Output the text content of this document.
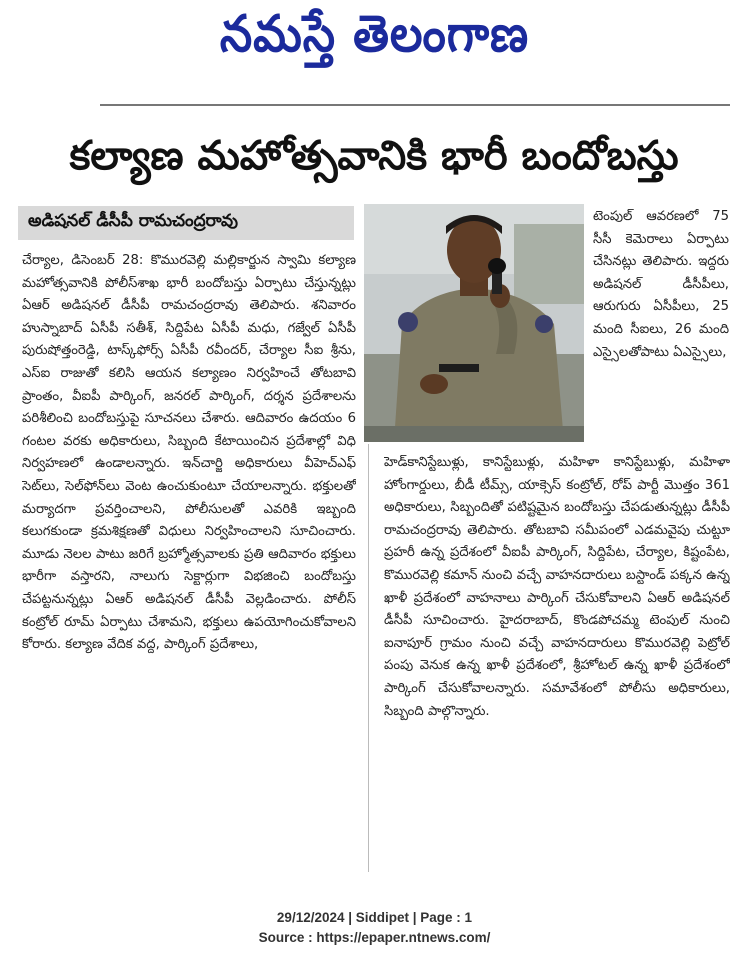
నమస్తే తెలంగాణ
కల్యాణ మహోత్సవానికి భారీ బందోబస్తు
అడిషనల్ డీసీపీ రామచంద్రరావు
చేర్యాల, డిసెంబర్ 28: కొమురవెల్లి మల్లికార్జున స్వామి కల్యాణ మహోత్సవానికి పోలీస్‌శాఖ భారీ బందోబస్తు ఏర్పాటు చేస్తున్నట్లు ఏఆర్ అడిషనల్ డీసీపీ రామచంద్రరావు తెలిపారు. శనివారం హుస్నాబాద్ ఏసీపీ సతీశ్, సిద్దిపేట ఏసీపీ మధు, గజ్వేల్ ఏసీపీ పురుషోత్తంరెడ్డి, టాస్క్‌ఫోర్స్ ఏసీపీ రవీందర్, చేర్యాల సీఐ శ్రీను, ఎస్ఐ రాజుతో కలిసి ఆయన కల్యాణం నిర్వహించే తోటబావి ప్రాంతం, వీఐపీ పార్కింగ్, జనరల్ పార్కింగ్, దర్శన ప్రదేశాలను పరిశీలించి బందోబస్తుపై సూచనలు చేశారు. ఆదివారం ఉదయం 6 గంటల వరకు అధికారులు, సిబ్బంది కేటాయించిన ప్రదేశాల్లో విధి నిర్వహణలో ఉండాలన్నారు. ఇన్‌చార్జి అధికారులు వీహెచ్‌ఎఫ్ సెట్‌లు, సెల్‌ఫోన్‌లు వెంట ఉంచుకుంటూ చేయాలన్నారు. భక్తులతో మర్యాదగా ప్రవర్తించాలని, పోలీసులతో ఎవరికి ఇబ్బంది కలుగకుండా క్రమశిక్షణతో విధులు నిర్వహించాలని సూచించారు. మూడు నెలల పాటు జరిగే బ్రహ్మోత్సవాలకు ప్రతి ఆదివారం భక్తులు భారీగా వస్తారని, నాలుగు సెక్టార్లుగా విభజించి బందోబస్తు చేపట్టనున్నట్లు ఏఆర్ అడిషనల్ డీసీపీ వెల్లడించారు. పోలీస్ కంట్రోల్ రూమ్ ఏర్పాటు చేశామని, భక్తులు ఉపయోగించుకోవాలని కోరారు. కల్యాణ వేదిక వద్ద, పార్కింగ్ ప్రదేశాలు,
టెంపుల్ ఆవరణలో 75 సీసీ కెమెరాలు ఏర్పాటు చేసినట్లు తెలిపారు. ఇద్దరు అడిషనల్ డీసీపీలు, ఆరుగురు ఏసీపీలు, 25 మంది సీఐలు, 26 మంది ఎస్సైలతోపాటు ఏఎస్సైలు,
హెడ్‌కానిస్టేబుళ్లు, కానిస్టేబుళ్లు, మహిళా కానిస్టేబుళ్లు, మహిళా హోంగార్డులు, బీడీ టీమ్స్, యాక్సెస్ కంట్రోల్, రోప్ పార్టీ మొత్తం 361 అధికారులు, సిబ్బందితో పటిష్టమైన బందోబస్తు చేపడుతున్నట్లు డీసీపీ రామచంద్రరావు తెలిపారు. తోటబావి సమీపంలో ఎడమవైపు చుట్టూ ప్రహరీ ఉన్న ప్రదేశంలో వీఐపీ పార్కింగ్, సిద్దిపేట, చేర్యాల, కిష్టంపేట, కొమురవెల్లి కమాన్ నుంచి వచ్చే వాహనదారులు బస్టాండ్ పక్కన ఉన్న ఖాళీ ప్రదేశంలో వాహనాలు పార్కింగ్ చేసుకోవాలని ఏఆర్ అడిషనల్ డీసీపీ సూచించారు. హైదరాబాద్, కొండపోచమ్మ టెంపుల్ నుంచి ఐనాపూర్ గ్రామం నుంచి వచ్చే వాహనదారులు కొమురవెల్లి పెట్రోల్ పంపు వెనుక ఉన్న ఖాళీ ప్రదేశంలో, శ్రీహోటల్ ఉన్న ఖాళీ ప్రదేశంలో పార్కింగ్ చేసుకోవాలన్నారు. సమావేశంలో పోలీసు అధికారులు, సిబ్బంది పాల్గొన్నారు.
29/12/2024 | Siddipet | Page : 1
Source : https://epaper.ntnews.com/
